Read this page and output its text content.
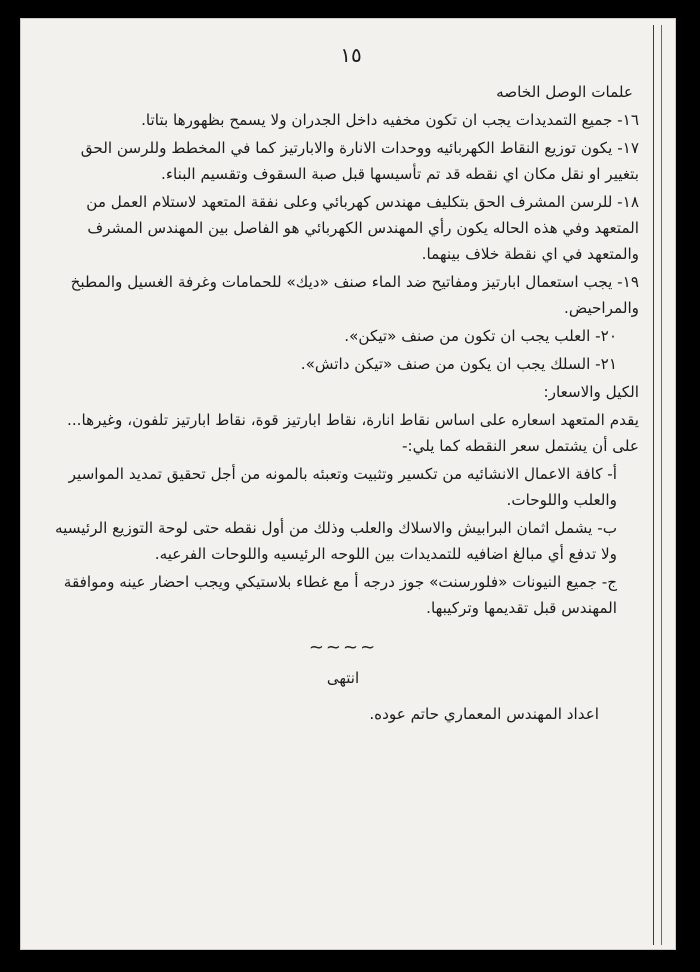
١٥

علمات الوصل الخاصه

١٦- جميع التمديدات يجب ان تكون مخفيه داخل الجدران ولا يسمح بظهورها بتاتا.

١٧- يكون توزيع النقاط الكهربائيه ووحدات الانارة والابارتيز كما في المخطط وللرسن الحق بتغيير او نقل مكان اي نقطه قد تم تأسيسها قبل صبة السقوف وتقسيم البناء.

١٨- للرسن المشرف الحق بتكليف مهندس كهربائي وعلى نفقة المتعهد لاستلام العمل من المتعهد وفي هذه الحاله يكون رأي المهندس الكهربائي هو الفاصل بين المهندس المشرف والمتعهد في اي نقطة خلاف بينهما.

١٩- يجب استعمال ابارتيز ومفاتيح ضد الماء صنف «ديك» للحمامات وغرفة الغسيل والمطبخ والمراحيض.

٢٠- العلب يجب ان تكون من صنف «تيكن».

٢١- السلك يجب ان يكون من صنف «تيكن داتش».

الكيل والاسعار:

يقدم المتعهد اسعاره على اساس نقاط انارة، نقاط ابارتيز قوة، نقاط ابارتيز تلفون، وغيرها... على أن يشتمل سعر النقطه كما يلي:-

أ- كافة الاعمال الانشائيه من تكسير وتثبيت وتعبئه بالمونه من أجل تحقيق تمديد المواسير والعلب واللوحات.

ب- يشمل اثمان البرابيش والاسلاك والعلب وذلك من أول نقطه حتى لوحة التوزيع الرئيسيه ولا تدفع أي مبالغ اضافيه للتمديدات بين اللوحه الرئيسيه واللوحات الفرعيه.

ج- جميع النيونات «فلورسنت» جوز درجه أ مع غطاء بلاستيكي ويجب احضار عينه وموافقة المهندس قبل تقديمها وتركيبها.

~~~~
انتهى

اعداد المهندس المعماري حاتم عوده.
